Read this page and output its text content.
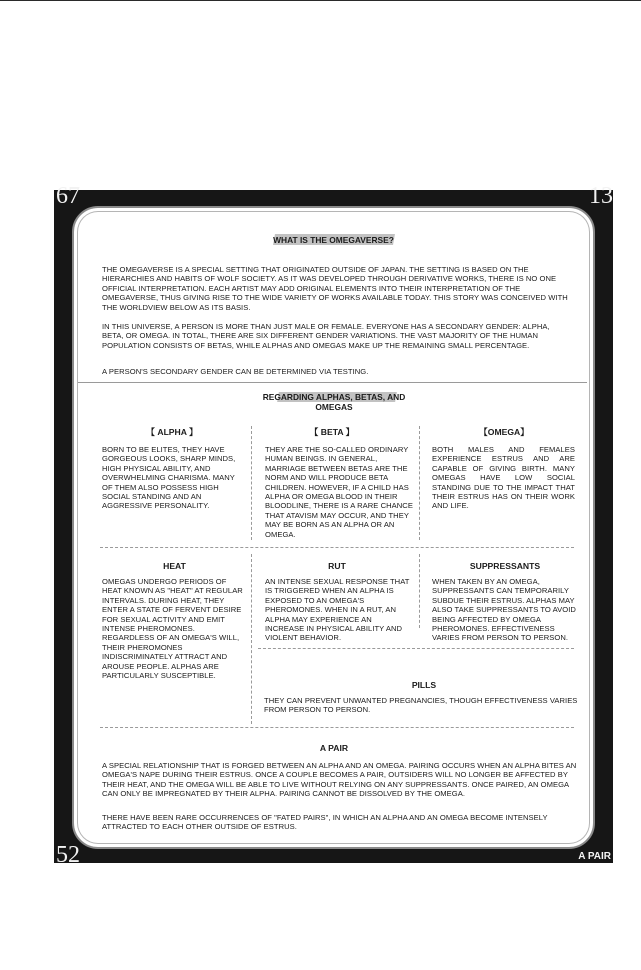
67	13
52	A PAIR
WHAT IS THE OMEGAVERSE?

THE OMEGAVERSE IS A SPECIAL SETTING THAT ORIGINATED OUTSIDE OF JAPAN. THE SETTING IS BASED ON THE HIERARCHIES AND HABITS OF WOLF SOCIETY. AS IT WAS DEVELOPED THROUGH DERIVATIVE WORKS, THERE IS NO ONE OFFICIAL INTERPRETATION. EACH ARTIST MAY ADD ORIGINAL ELEMENTS INTO THEIR INTERPRETATION OF THE OMEGAVERSE, THUS GIVING RISE TO THE WIDE VARIETY OF WORKS AVAILABLE TODAY. THIS STORY WAS CONCEIVED WITH THE WORLDVIEW BELOW AS ITS BASIS.

IN THIS UNIVERSE, A PERSON IS MORE THAN JUST MALE OR FEMALE. EVERYONE HAS A SECONDARY GENDER: ALPHA, BETA, OR OMEGA. IN TOTAL, THERE ARE SIX DIFFERENT GENDER VARIATIONS. THE VAST MAJORITY OF THE HUMAN POPULATION CONSISTS OF BETAS, WHILE ALPHAS AND OMEGAS MAKE UP THE REMAINING SMALL PERCENTAGE.

A PERSON'S SECONDARY GENDER CAN BE DETERMINED VIA TESTING.

REGARDING ALPHAS, BETAS, AND OMEGAS
【 ALPHA 】

BORN TO BE ELITES, THEY HAVE GORGEOUS LOOKS, SHARP MINDS, HIGH PHYSICAL ABILITY, AND OVERWHELMING CHARISMA. MANY OF THEM ALSO POSSESS HIGH SOCIAL STANDING AND AN AGGRESSIVE PERSONALITY.

【 BETA 】

THEY ARE THE SO-CALLED ORDINARY HUMAN BEINGS. IN GENERAL, MARRIAGE BETWEEN BETAS ARE THE NORM AND WILL PRODUCE BETA CHILDREN. HOWEVER, IF A CHILD HAS ALPHA OR OMEGA BLOOD IN THEIR BLOODLINE, THERE IS A RARE CHANCE THAT ATAVISM MAY OCCUR, AND THEY MAY BE BORN AS AN ALPHA OR AN OMEGA.

【OMEGA】

BOTH MALES AND FEMALES EXPERIENCE ESTRUS AND ARE CAPABLE OF GIVING BIRTH. MANY OMEGAS HAVE LOW SOCIAL STANDING DUE TO THE IMPACT THAT THEIR ESTRUS HAS ON THEIR WORK AND LIFE.

HEAT

OMEGAS UNDERGO PERIODS OF HEAT KNOWN AS "HEAT" AT REGULAR INTERVALS. DURING HEAT, THEY ENTER A STATE OF FERVENT DESIRE FOR SEXUAL ACTIVITY AND EMIT INTENSE PHEROMONES. REGARDLESS OF AN OMEGA'S WILL, THEIR PHEROMONES INDISCRIMINATELY ATTRACT AND AROUSE PEOPLE. ALPHAS ARE PARTICULARLY SUSCEPTIBLE.

RUT

AN INTENSE SEXUAL RESPONSE THAT IS TRIGGERED WHEN AN ALPHA IS EXPOSED TO AN OMEGA'S PHEROMONES. WHEN IN A RUT, AN ALPHA MAY EXPERIENCE AN INCREASE IN PHYSICAL ABILITY AND VIOLENT BEHAVIOR.

SUPPRESSANTS

WHEN TAKEN BY AN OMEGA, SUPPRESSANTS CAN TEMPORARILY SUBDUE THEIR ESTRUS. ALPHAS MAY ALSO TAKE SUPPRESSANTS TO AVOID BEING AFFECTED BY OMEGA PHEROMONES. EFFECTIVENESS VARIES FROM PERSON TO PERSON.

PILLS

THEY CAN PREVENT UNWANTED PREGNANCIES, THOUGH EFFECTIVENESS VARIES FROM PERSON TO PERSON.

A PAIR

A SPECIAL RELATIONSHIP THAT IS FORGED BETWEEN AN ALPHA AND AN OMEGA. PAIRING OCCURS WHEN AN ALPHA BITES AN OMEGA'S NAPE DURING THEIR ESTRUS. ONCE A COUPLE BECOMES A PAIR, OUTSIDERS WILL NO LONGER BE AFFECTED BY THEIR HEAT, AND THE OMEGA WILL BE ABLE TO LIVE WITHOUT RELYING ON ANY SUPPRESSANTS. ONCE PAIRED, AN OMEGA CAN ONLY BE IMPREGNATED BY THEIR ALPHA. PAIRING CANNOT BE DISSOLVED BY THE OMEGA.

THERE HAVE BEEN RARE OCCURRENCES OF "FATED PAIRS", IN WHICH AN ALPHA AND AN OMEGA BECOME INTENSELY ATTRACTED TO EACH OTHER OUTSIDE OF ESTRUS.
